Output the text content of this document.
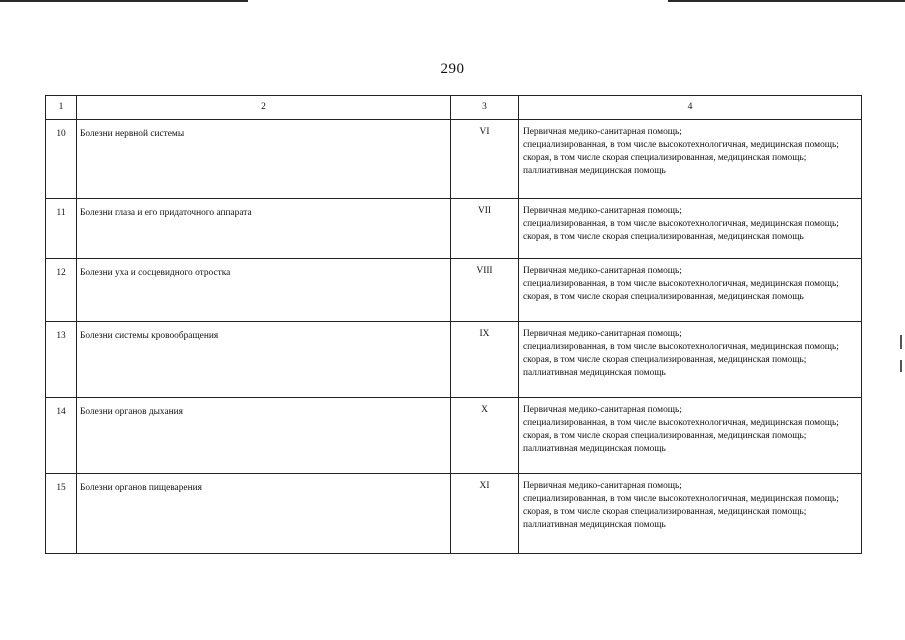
290
1	2	3	4
10	Болезни нервной системы	VI	Первичная медико-санитарная помощь;
специализированная, в том числе высокотехнологичная, медицинская помощь;
скорая, в том числе скорая специализированная, медицинская помощь;
паллиативная медицинская помощь

11	Болезни глаза и его придаточного аппарата	VII	Первичная медико-санитарная помощь;
специализированная, в том числе высокотехнологичная, медицинская помощь;
скорая, в том числе скорая специализированная, медицинская помощь

12	Болезни уха и сосцевидного отростка	VIII	Первичная медико-санитарная помощь;
специализированная, в том числе высокотехнологичная, медицинская помощь;
скорая, в том числе скорая специализированная, медицинская помощь

13	Болезни системы кровообращения	IX	Первичная медико-санитарная помощь;
специализированная, в том числе высокотехнологичная, медицинская помощь;
скорая, в том числе скорая специализированная, медицинская помощь;
паллиативная медицинская помощь

14	Болезни органов дыхания	X	Первичная медико-санитарная помощь;
специализированная, в том числе высокотехнологичная, медицинская помощь;
скорая, в том числе скорая специализированная, медицинская помощь;
паллиативная медицинская помощь

15	Болезни органов пищеварения	XI	Первичная медико-санитарная помощь;
специализированная, в том числе высокотехнологичная, медицинская помощь;
скорая, в том числе скорая специализированная, медицинская помощь;
паллиативная медицинская помощь
